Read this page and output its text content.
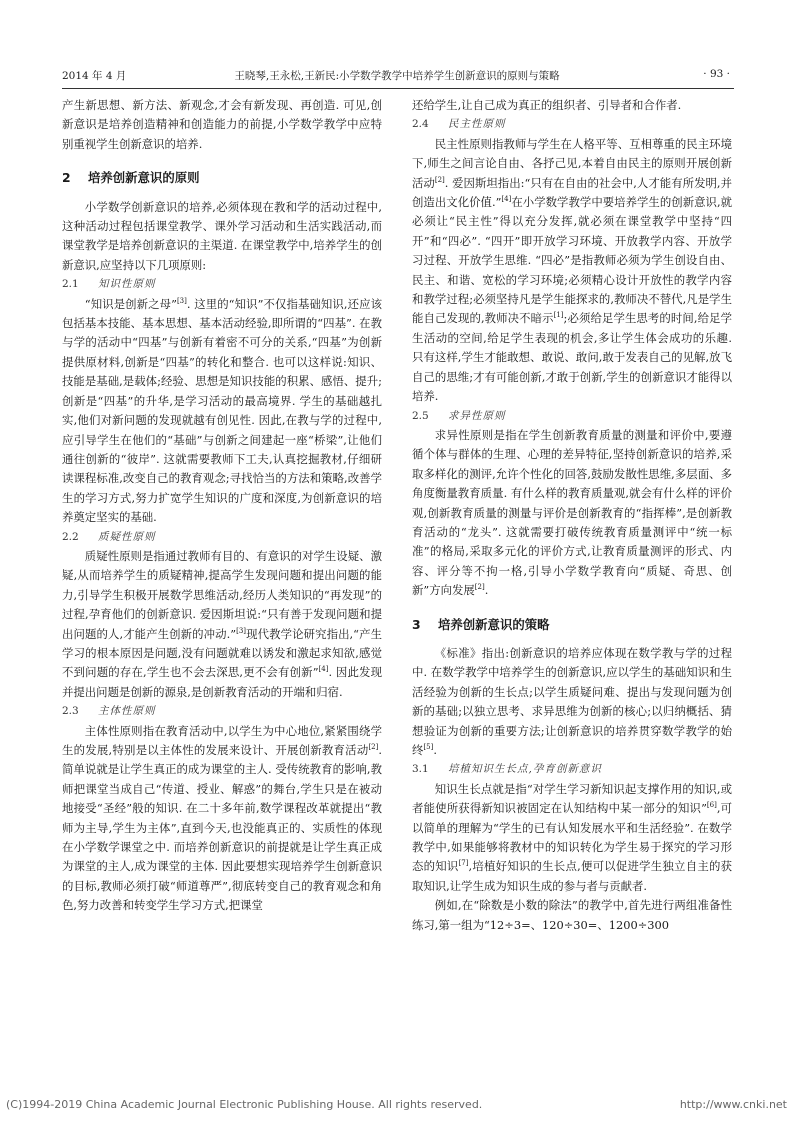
2014 年 4 月	王晓琴,王永松,王新民:小学数学教学中培养学生创新意识的原则与策略	· 93 ·

产生新思想、新方法、新观念,才会有新发现、再创造. 可见,创新意识是培养创造精神和创造能力的前提,小学数学教学中应特别重视学生创新意识的培养.

2 培养创新意识的原则

小学数学创新意识的培养,必须体现在教和学的活动过程中,这种活动过程包括课堂教学、课外学习活动和生活实践活动,而课堂教学是培养创新意识的主渠道. 在课堂教学中,培养学生的创新意识,应坚持以下几项原则:

2.1 知识性原则

“知识是创新之母”[3]. 这里的“知识”不仅指基础知识,还应该包括基本技能、基本思想、基本活动经验,即所谓的“四基”. 在教与学的活动中“四基”与创新有着密不可分的关系,“四基”为创新提供原材料,创新是“四基”的转化和整合. 也可以这样说:知识、技能是基础,是载体;经验、思想是知识技能的积累、感悟、提升;创新是“四基”的升华,是学习活动的最高境界. 学生的基础越扎实,他们对新问题的发现就越有创见性. 因此,在教与学的过程中,应引导学生在他们的“基础”与创新之间建起一座“桥梁”,让他们通往创新的“彼岸”. 这就需要教师下工夫,认真挖掘教材,仔细研读课程标准,改变自己的教育观念;寻找恰当的方法和策略,改善学生的学习方式,努力扩宽学生知识的广度和深度,为创新意识的培养奠定坚实的基础.

2.2 质疑性原则

质疑性原则是指通过教师有目的、有意识的对学生设疑、激疑,从而培养学生的质疑精神,提高学生发现问题和提出问题的能力,引导学生积极开展数学思维活动,经历人类知识的“再发现”的过程,孕育他们的创新意识. 爱因斯坦说:“只有善于发现问题和提出问题的人,才能产生创新的冲动.”[3]现代教学论研究指出,“产生学习的根本原因是问题,没有问题就难以诱发和激起求知欲,感觉不到问题的存在,学生也不会去深思,更不会有创新”[4]. 因此发现并提出问题是创新的源泉,是创新教育活动的开端和归宿.

2.3 主体性原则

主体性原则指在教育活动中,以学生为中心地位,紧紧围绕学生的发展,特别是以主体性的发展来设计、开展创新教育活动[2]. 简单说就是让学生真正的成为课堂的主人. 受传统教育的影响,教师把课堂当成自己“传道、授业、解惑”的舞台,学生只是在被动地接受“圣经”般的知识. 在二十多年前,数学课程改革就提出“教师为主导,学生为主体”,直到今天,也没能真正的、实质性的体现在小学数学课堂之中. 而培养创新意识的前提就是让学生真正成为课堂的主人,成为课堂的主体. 因此要想实现培养学生创新意识的目标,教师必须打破“师道尊严”,彻底转变自己的教育观念和角色,努力改善和转变学生学习方式,把课堂

还给学生,让自己成为真正的组织者、引导者和合作者.

2.4 民主性原则

民主性原则指教师与学生在人格平等、互相尊重的民主环境下,师生之间言论自由、各抒己见,本着自由民主的原则开展创新活动[2]. 爱因斯坦指出:“只有在自由的社会中,人才能有所发明,并创造出文化价值.”[4]在小学数学教学中要培养学生的创新意识,就必须让“民主性”得以充分发挥,就必须在课堂教学中坚持“四开”和“四必”. “四开”即开放学习环境、开放教学内容、开放学习过程、开放学生思维. “四必”是指教师必须为学生创设自由、民主、和谐、宽松的学习环境;必须精心设计开放性的教学内容和教学过程;必须坚持凡是学生能探求的,教师决不替代,凡是学生能自己发现的,教师决不暗示[1];必须给足学生思考的时间,给足学生活动的空间,给足学生表现的机会,多让学生体会成功的乐趣. 只有这样,学生才能敢想、敢说、敢问,敢于发表自己的见解,放飞自己的思维;才有可能创新,才敢于创新,学生的创新意识才能得以培养.

2.5 求异性原则

求异性原则是指在学生创新教育质量的测量和评价中,要遵循个体与群体的生理、心理的差异特征,坚持创新意识的培养,采取多样化的测评,允许个性化的回答,鼓励发散性思维,多层面、多角度衡量教育质量. 有什么样的教育质量观,就会有什么样的评价观,创新教育质量的测量与评价是创新教育的“指挥棒”,是创新教育活动的“龙头”. 这就需要打破传统教育质量测评中“统一标准”的格局,采取多元化的评价方式,让教育质量测评的形式、内容、评分等不拘一格,引导小学数学教育向“质疑、奇思、创新”方向发展[2].

3 培养创新意识的策略

《标准》指出:创新意识的培养应体现在数学教与学的过程中. 在数学教学中培养学生的创新意识,应以学生的基础知识和生活经验为创新的生长点;以学生质疑问难、提出与发现问题为创新的基础;以独立思考、求异思维为创新的核心;以归纳概括、猜想验证为创新的重要方法;让创新意识的培养贯穿数学教学的始终[5].

3.1 培植知识生长点,孕育创新意识

知识生长点就是指“对学生学习新知识起支撑作用的知识,或者能使所获得新知识被固定在认知结构中某一部分的知识”[6],可以简单的理解为“学生的已有认知发展水平和生活经验”. 在数学教学中,如果能够将教材中的知识转化为学生易于探究的学习形态的知识[7],培植好知识的生长点,便可以促进学生独立自主的获取知识,让学生成为知识生成的参与者与贡献者.

例如,在“除数是小数的除法”的教学中,首先进行两组准备性练习,第一组为“12÷3=、120÷30=、1200÷300

(C)1994-2019 China Academic Journal Electronic Publishing House. All rights reserved.	http://www.cnki.net
